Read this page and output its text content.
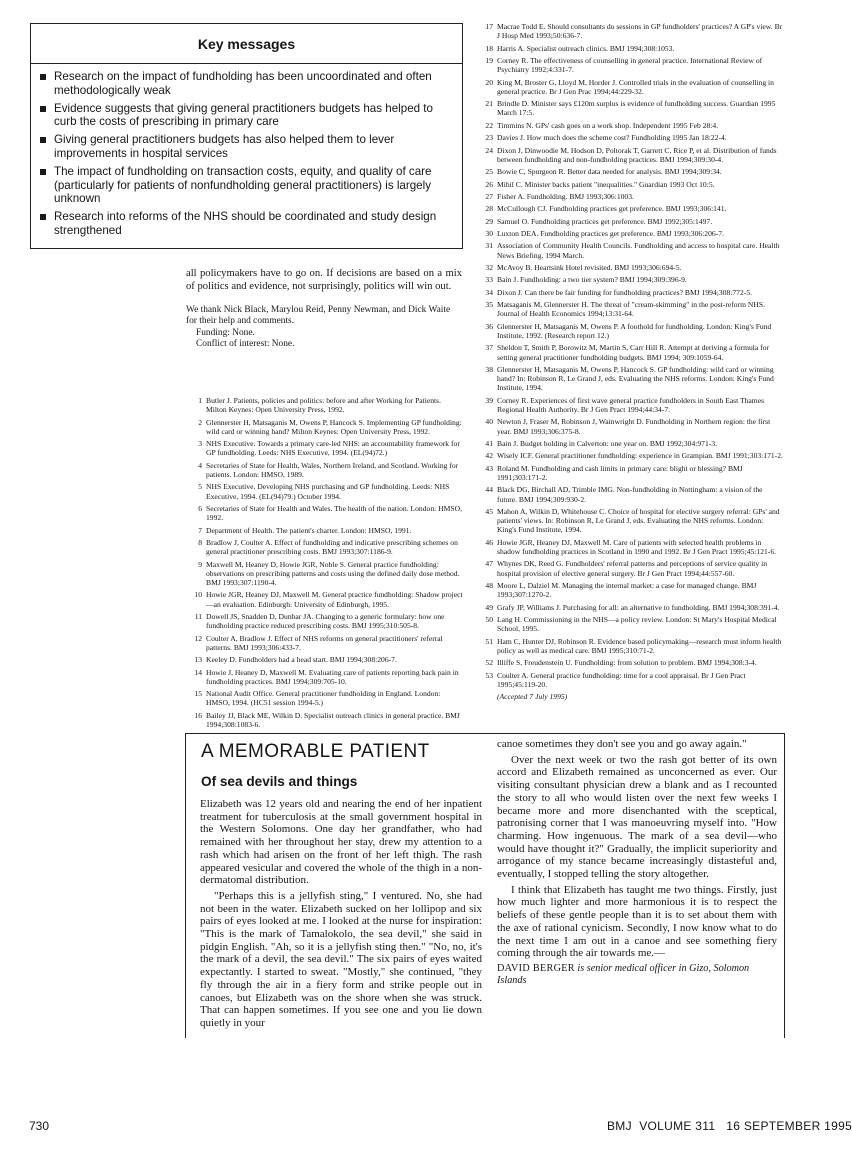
Key messages
Research on the impact of fundholding has been uncoordinated and often methodologically weak
Evidence suggests that giving general practitioners budgets has helped to curb the costs of prescribing in primary care
Giving general practitioners budgets has also helped them to lever improvements in hospital services
The impact of fundholding on transaction costs, equity, and quality of care (particularly for patients of nonfundholding general practitioners) is largely unknown
Research into reforms of the NHS should be coordinated and study design strengthened

all policymakers have to go on. If decisions are based on a mix of politics and evidence, not surprisingly, politics will win out.

We thank Nick Black, Marylou Reid, Penny Newman, and Dick Waite for their help and comments.

Funding: None.

Conflict of interest: None.

1 Butler J. Patients, policies and politics: before and after Working for Patients. Milton Keynes: Open University Press, 1992.
2 Glennerster H, Matsaganis M, Owens P, Hancock S. Implementing GP fundholding: wild card or winning hand? Milton Keynes: Open University Press, 1992.
3 NHS Executive. Towards a primary care-led NHS: an accountability framework for GP fundholding. Leeds: NHS Executive, 1994. (EL(94)72.)
4 Secretaries of State for Health, Wales, Northern Ireland, and Scotland. Working for patients. London: HMSO, 1989.
5 NHS Executive. Developing NHS purchasing and GP fundholding. Leeds: NHS Executive, 1994. (EL(94)79.) October 1994.
6 Secretaries of State for Health and Wales. The health of the nation. London: HMSO, 1992.
7 Department of Health. The patient's charter. London: HMSO, 1991.
8 Bradlow J, Coulter A. Effect of fundholding and indicative prescribing schemes on general practitioner prescribing costs. BMJ 1993;307:1186-9.
9 Maxwell M, Heaney D, Howie JGR, Noble S. General practice fundholding: observations on prescribing patterns and costs using the defined daily dose method. BMJ 1993;307:1190-4.
10 Howie JGR, Heaney DJ, Maxwell M. General practice fundholding: Shadow project—an evaluation. Edinburgh: University of Edinburgh, 1995.
11 Dowell JS, Snadden D, Dunbar JA. Changing to a generic formulary: how one fundholding practice reduced prescribing costs. BMJ 1995;310:505-8.
12 Coulter A, Bradlow J. Effect of NHS reforms on general practitioners' referral patterns. BMJ 1993;306:433-7.
13 Keeley D. Fundholders had a head start. BMJ 1994;308:206-7.
14 Howie J, Heaney D, Maxwell M. Evaluating care of patients reporting back pain in fundholding practices. BMJ 1994;309:705-10.
15 National Audit Office. General practitioner fundholding in England. London: HMSO, 1994. (HC51 session 1994-5.)
16 Bailey JJ, Black ME, Wilkin D. Specialist outreach clinics in general practice. BMJ 1994;308:1083-6.
17 Macrae Todd E. Should consultants do sessions in GP fundholders' practices? A GP's view. Br J Hosp Med 1993;50:636-7.
18 Harris A. Specialist outreach clinics. BMJ 1994;308:1053.
19 Corney R. The effectiveness of counselling in general practice. International Review of Psychiatry 1992;4:331-7.
20 King M, Broster G, Lloyd M, Horder J. Controlled trials in the evaluation of counselling in general practice. Br J Gen Prac 1994;44:229-32.
21 Brindle D. Minister says £120m surplus is evidence of fundholding success. Guardian 1995 March 17:5.
22 Timmins N. GPs' cash goes on a work shop. Independent 1995 Feb 28:4.
23 Davies J. How much does the scheme cost? Fundholding 1995 Jan 18:22-4.
24 Dixon J, Dinwoodie M, Hodson D, Poltorak T, Garrett C, Rice P, et al. Distribution of funds between fundholding and non-fundholding practices. BMJ 1994;309:30-4.
25 Bowie C, Spurgeon R. Better data needed for analysis. BMJ 1994;309:34.
26 Mihil C. Minister backs patient "inequalities." Guardian 1993 Oct 10:5.
27 Fisher A. Fundholding. BMJ 1993;306:1003.
28 McCullough CJ. Fundholding practices get preference. BMJ 1993;306:141.
29 Samuel O. Fundholding practices get preference. BMJ 1992;305:1497.
30 Luxton DEA. Fundholding practices get preference. BMJ 1993;306:206-7.
31 Association of Community Health Councils. Fundholding and access to hospital care. Health News Briefing. 1994 March.
32 McAvoy B. Heartsink Hotel revisited. BMJ 1993;306:694-5.
33 Bain J. Fundholding: a two tier system? BMJ 1994;309:396-9.
34 Dixon J. Can there be fair funding for fundholding practices? BMJ 1994;308:772-5.
35 Matsaganis M, Glennerster H. The threat of "cream-skimming" in the post-reform NHS. Journal of Health Economics 1994;13:31-64.
36 Glennerster H, Matsaganis M, Owens P. A foothold for fundholding. London: King's Fund Institute, 1992. (Research report 12.)
37 Sheldon T, Smith P, Borowitz M, Martin S, Carr Hill R. Attempt at deriving a formula for setting general practitioner fundholding budgets. BMJ 1994; 309:1059-64.
38 Glennerster H, Matsaganis M, Owens P, Hancock S. GP fundholding: wild card or winning hand? In: Robinson R, Le Grand J, eds. Evaluating the NHS reforms. London: King's Fund Institute, 1994.
39 Corney R. Experiences of first wave general practice fundholders in South East Thames Regional Health Authority. Br J Gen Pract 1994;44:34-7.
40 Newton J, Fraser M, Robinson J, Wainwright D. Fundholding in Northern region: the first year. BMJ 1993;306:375-8.
41 Bain J. Budget holding in Calverton: one year on. BMJ 1992;304:971-3.
42 Wisely ICF. General practitioner fundholding: experience in Grampian. BMJ 1991;303:171-2.
43 Roland M. Fundholding and cash limits in primary care: blight or blessing? BMJ 1991;303:171-2.
44 Black DG, Birchall AD, Trimble IMG. Non-fundholding in Nottingham: a vision of the future. BMJ 1994;309:930-2.
45 Mahon A, Wilkin D, Whitehouse C. Choice of hospital for elective surgery referral: GPs' and patients' views. In: Robinson R, Le Grand J, eds. Evaluating the NHS reforms. London: King's Fund Institute, 1994.
46 Howie JGR, Heaney DJ, Maxwell M. Care of patients with selected health problems in shadow fundholding practices in Scotland in 1990 and 1992. Br J Gen Pract 1995;45:121-6.
47 Whynes DK, Reed G. Fundholders' referral patterns and perceptions of service quality in hospital provision of elective general surgery. Br J Gen Pract 1994;44:557-60.
48 Moore L, Dalziel M. Managing the internal market: a case for managed change. BMJ 1993;307:1270-2.
49 Grafy JP, Williams J. Purchasing for all: an alternative to fundholding. BMJ 1994;308:391-4.
50 Lang H. Commissioning in the NHS—a policy review. London: St Mary's Hospital Medical School, 1995.
51 Ham C, Hunter DJ, Robinson R. Evidence based policymaking—research must inform health policy as well as medical care. BMJ 1995;310:71-2.
52 Illiffe S, Freudenstein U. Fundholding: from solution to problem. BMJ 1994;308:3-4.
53 Coulter A. General practice fundholding: time for a cool appraisal. Br J Gen Pract 1995;45:119-20.
(Accepted 7 July 1995)
A MEMORABLE PATIENT
Of sea devils and things

Elizabeth was 12 years old and nearing the end of her inpatient treatment for tuberculosis at the small government hospital in the Western Solomons. One day her grandfather, who had remained with her throughout her stay, drew my attention to a rash which had arisen on the front of her left thigh. The rash appeared vesicular and covered the whole of the thigh in a non-dermatomal distribution.

"Perhaps this is a jellyfish sting," I ventured. No, she had not been in the water. Elizabeth sucked on her lollipop and six pairs of eyes looked at me. I looked at the nurse for inspiration: "This is the mark of Tamalokolo, the sea devil," she said in pidgin English. "Ah, so it is a jellyfish sting then." "No, no, it's the mark of a devil, the sea devil." The six pairs of eyes waited expectantly. I started to sweat. "Mostly," she continued, "they fly through the air in a fiery form and strike people out in canoes, but Elizabeth was on the shore when she was struck. That can happen sometimes. If you see one and you lie down quietly in your

canoe sometimes they don't see you and go away again."

Over the next week or two the rash got better of its own accord and Elizabeth remained as unconcerned as ever. Our visiting consultant physician drew a blank and as I recounted the story to all who would listen over the next few weeks I became more and more disenchanted with the sceptical, patronising corner that I was manoeuvring myself into. "How charming. How ingenuous. The mark of a sea devil—who would have thought it?" Gradually, the implicit superiority and arrogance of my stance became increasingly distasteful and, eventually, I stopped telling the story altogether.

I think that Elizabeth has taught me two things. Firstly, just how much lighter and more harmonious it is to respect the beliefs of these gentle people than it is to set about them with the axe of rational cynicism. Secondly, I now know what to do the next time I am out in a canoe and see something fiery coming through the air towards me.—

DAVID BERGER is senior medical officer in Gizo, Solomon Islands

730	BMJ VOLUME 311 16 SEPTEMBER 1995
